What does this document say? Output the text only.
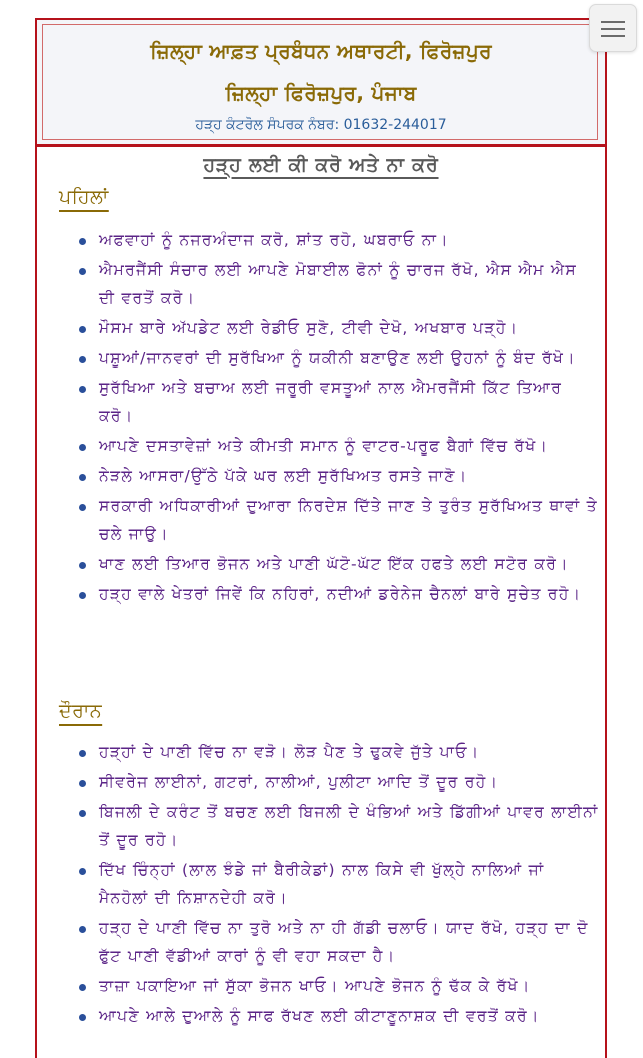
ਜ਼ਿਲ੍ਹਾ ਆਫ਼ਤ ਪ੍ਰਬੰਧਨ ਅਥਾਰਟੀ, ਫਿਰੋਜ਼ਪੁਰ
ਜ਼ਿਲ੍ਹਾ ਫਿਰੋਜ਼ਪੁਰ, ਪੰਜਾਬ
ਹੜ੍ਹ ਕੰਟਰੋਲ ਸੰਪਰਕ ਨੰਬਰ: 01632-244017
ਹੜ੍ਹ ਲਈ ਕੀ ਕਰੋ ਅਤੇ ਨਾ ਕਰੋ
ਪਹਿਲਾਂ
ਅਫਵਾਹਾਂ ਨੂੰ ਨਜਰਅੰਦਾਜ ਕਰੋ, ਸ਼ਾਂਤ ਰਹੋ, ਘਬਰਾਓ ਨਾ।
ਐਮਰਜੈਂਸੀ ਸੰਚਾਰ ਲਈ ਆਪਣੇ ਮੋਬਾਈਲ ਫੋਨਾਂ ਨੂੰ ਚਾਰਜ ਰੱਖੋ, ਐਸ ਐਮ ਐਸ ਦੀ ਵਰਤੋਂ ਕਰੋ।
ਮੌਸਮ ਬਾਰੇ ਅੱਪਡੇਟ ਲਈ ਰੇਡੀਓ ਸੁਣੋ, ਟੀਵੀ ਦੇਖੋ, ਅਖਬਾਰ ਪੜ੍ਹੋ।
ਪਸ਼ੂਆਂ/ਜਾਨਵਰਾਂ ਦੀ ਸੁਰੱਖਿਆ ਨੂੰ ਯਕੀਨੀ ਬਣਾਉਣ ਲਈ ਉਹਨਾਂ ਨੂੰ ਬੰਦ ਰੱਖੋ।
ਸੁਰੱਖਿਆ ਅਤੇ ਬਚਾਅ ਲਈ ਜਰੂਰੀ ਵਸਤੂਆਂ ਨਾਲ ਐਮਰਜੈਂਸੀ ਕਿੱਟ ਤਿਆਰ ਕਰੋ।
ਆਪਣੇ ਦਸਤਾਵੇਜ਼ਾਂ ਅਤੇ ਕੀਮਤੀ ਸਮਾਨ ਨੂੰ ਵਾਟਰ-ਪਰੂਫ ਬੈਗਾਂ ਵਿੱਚ ਰੱਖੋ।
ਨੇੜਲੇ ਆਸਰਾ/ਉੱਠੇ ਪੱਕੇ ਘਰ ਲਈ ਸੁਰੱਖਿਅਤ ਰਸਤੇ ਜਾਣੋ।
ਸਰਕਾਰੀ ਅਧਿਕਾਰੀਆਂ ਦੁਆਰਾ ਨਿਰਦੇਸ਼ ਦਿੱਤੇ ਜਾਣ ਤੇ ਤੁਰੰਤ ਸੁਰੱਖਿਅਤ ਥਾਵਾਂ ਤੇ ਚਲੇ ਜਾਉ।
ਖਾਣ ਲਈ ਤਿਆਰ ਭੋਜਨ ਅਤੇ ਪਾਣੀ ਘੱਟੋ-ਘੱਟ ਇੱਕ ਹਫਤੇ ਲਈ ਸਟੋਰ ਕਰੋ।
ਹੜ੍ਹ ਵਾਲੇ ਖੇਤਰਾਂ ਜਿਵੇਂ ਕਿ ਨਹਿਰਾਂ, ਨਦੀਆਂ ਡਰੇਨੇਜ ਚੈਨਲਾਂ ਬਾਰੇ ਸੁਚੇਤ ਰਹੋ।
ਦੌਰਾਨ
ਹੜ੍ਹਾਂ ਦੇ ਪਾਣੀ ਵਿੱਚ ਨਾ ਵੜੋ। ਲੋੜ ਪੈਣ ਤੇ ਢੁਕਵੇ ਜੁੱਤੇ ਪਾਓ।
ਸੀਵਰੇਜ ਲਾਈਨਾਂ, ਗਟਰਾਂ, ਨਾਲੀਆਂ, ਪੁਲੀਟਾ ਆਦਿ ਤੋਂ ਦੂਰ ਰਹੋ।
ਬਿਜਲੀ ਦੇ ਕਰੰਟ ਤੋਂ ਬਚਣ ਲਈ ਬਿਜਲੀ ਦੇ ਖੰਭਿਆਂ ਅਤੇ ਡਿੱਗੀਆਂ ਪਾਵਰ ਲਾਈਨਾਂ ਤੋਂ ਦੂਰ ਰਹੋ।
ਦਿੱਖ ਚਿੰਨ੍ਹਾਂ (ਲਾਲ ਝੰਡੇ ਜਾਂ ਬੈਰੀਕੇਡਾਂ) ਨਾਲ ਕਿਸੇ ਵੀ ਖੁੱਲ੍ਹੇ ਨਾਲਿਆਂ ਜਾਂ ਮੈਨਹੋਲਾਂ ਦੀ ਨਿਸ਼ਾਨਦੇਹੀ ਕਰੋ।
ਹੜ੍ਹ ਦੇ ਪਾਣੀ ਵਿੱਚ ਨਾ ਤੁਰੋ ਅਤੇ ਨਾ ਹੀ ਗੱਡੀ ਚਲਾਓ। ਯਾਦ ਰੱਖੋ, ਹੜ੍ਹ ਦਾ ਦੋ ਫੁੱਟ ਪਾਣੀ ਵੱਡੀਆਂ ਕਾਰਾਂ ਨੂੰ ਵੀ ਵਹਾ ਸਕਦਾ ਹੈ।
ਤਾਜ਼ਾ ਪਕਾਇਆ ਜਾਂ ਸੁੱਕਾ ਭੋਜਨ ਖਾਓ। ਆਪਣੇ ਭੋਜਨ ਨੂੰ ਢੱਕ ਕੇ ਰੱਖੋ।
ਆਪਣੇ ਆਲੇ ਦੁਆਲੇ ਨੂੰ ਸਾਫ ਰੱਖਣ ਲਈ ਕੀਟਾਣੂਨਾਸ਼ਕ ਦੀ ਵਰਤੋਂ ਕਰੋ।
